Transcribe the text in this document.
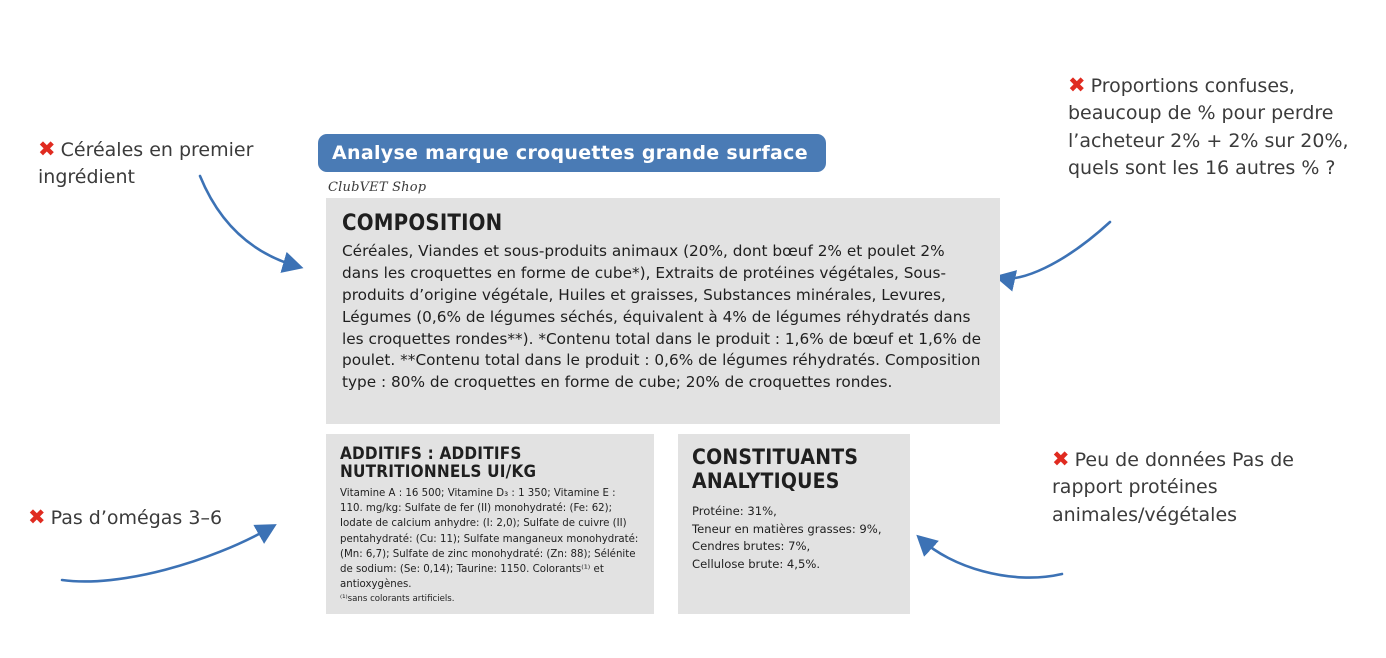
Analyse marque croquettes grande surface
ClubVET Shop
COMPOSITION

Céréales, Viandes et sous-produits animaux (20%, dont bœuf 2% et poulet 2% dans les croquettes en forme de cube*), Extraits de protéines végétales, Sous-produits d’origine végétale, Huiles et graisses, Substances minérales, Levures, Légumes (0,6% de légumes séchés, équivalent à 4% de légumes réhydratés dans les croquettes rondes**). *Contenu total dans le produit : 1,6% de bœuf et 1,6% de poulet. **Contenu total dans le produit : 0,6% de légumes réhydratés. Composition type : 80% de croquettes en forme de cube; 20% de croquettes rondes.

ADDITIFS : ADDITIFS NUTRITIONNELS UI/KG

Vitamine A : 16 500; Vitamine D₃ : 1 350; Vitamine E : 110. mg/kg: Sulfate de fer (II) monohydraté: (Fe: 62); Iodate de calcium anhydre: (I: 2,0); Sulfate de cuivre (II) pentahydraté: (Cu: 11); Sulfate manganeux monohydraté: (Mn: 6,7); Sulfate de zinc monohydraté: (Zn: 88); Sélénite de sodium: (Se: 0,14); Taurine: 1150. Colorants⁽¹⁾ et antioxygènes.

⁽¹⁾sans colorants artificiels.

CONSTITUANTS ANALYTIQUES

Protéine: 31%,

Teneur en matières grasses: 9%,

Cendres brutes: 7%,

Cellulose brute: 4,5%.

✖ Céréales en premier ingrédient
✖ Proportions confuses, beaucoup de % pour perdre l’acheteur 2% + 2% sur 20%, quels sont les 16 autres % ?
✖ Pas d’omégas 3–6
✖ Peu de données Pas de rapport protéines animales/végétales
